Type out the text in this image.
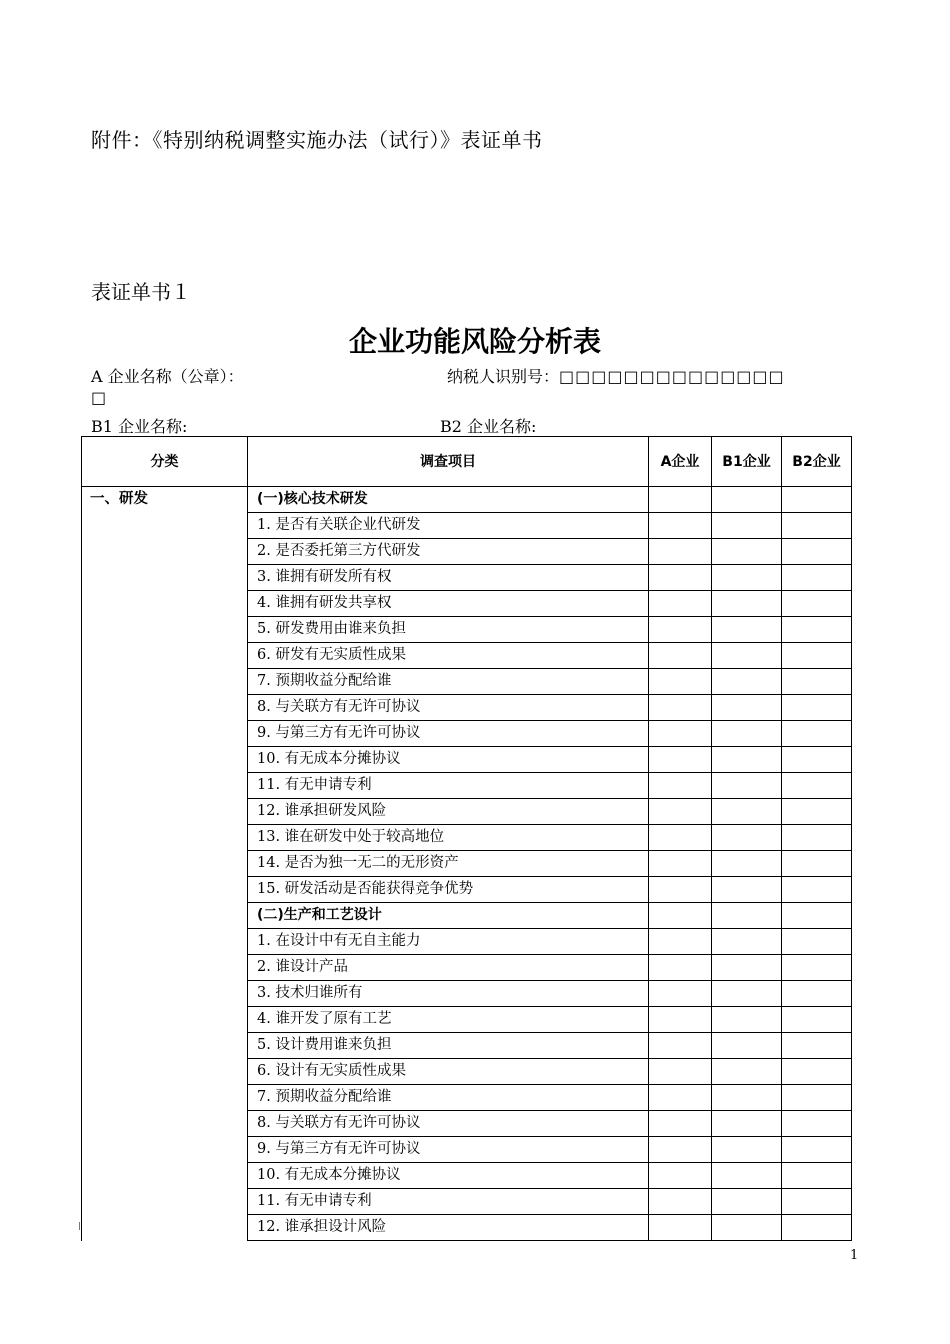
附件：《特别纳税调整实施办法（试行）》表证单书
表证单书１
企业功能风险分析表
A 企业名称（公章）：	纳税人识别号：□□□□□□□□□□□□□□
□
B1 企业名称:	B2 企业名称:
分类	调查项目	A企业	B1企业	B2企业
一、研发	(一)核心技术研发			
	1. 是否有关联企业代研发			
	2. 是否委托第三方代研发			
	3. 谁拥有研发所有权			
	4. 谁拥有研发共享权			
	5. 研发费用由谁来负担			
	6. 研发有无实质性成果			
	7. 预期收益分配给谁			
	8. 与关联方有无许可协议			
	9. 与第三方有无许可协议			
	10. 有无成本分摊协议			
	11. 有无申请专利			
	12. 谁承担研发风险			
	13. 谁在研发中处于较高地位			
	14. 是否为独一无二的无形资产			
	15. 研发活动是否能获得竞争优势			
	(二)生产和工艺设计			
	1. 在设计中有无自主能力			
	2. 谁设计产品			
	3. 技术归谁所有			
	4. 谁开发了原有工艺			
	5. 设计费用谁来负担			
	6. 设计有无实质性成果			
	7. 预期收益分配给谁			
	8. 与关联方有无许可协议			
	9. 与第三方有无许可协议			
	10. 有无成本分摊协议			
	11. 有无申请专利			
	12. 谁承担设计风险			
1
